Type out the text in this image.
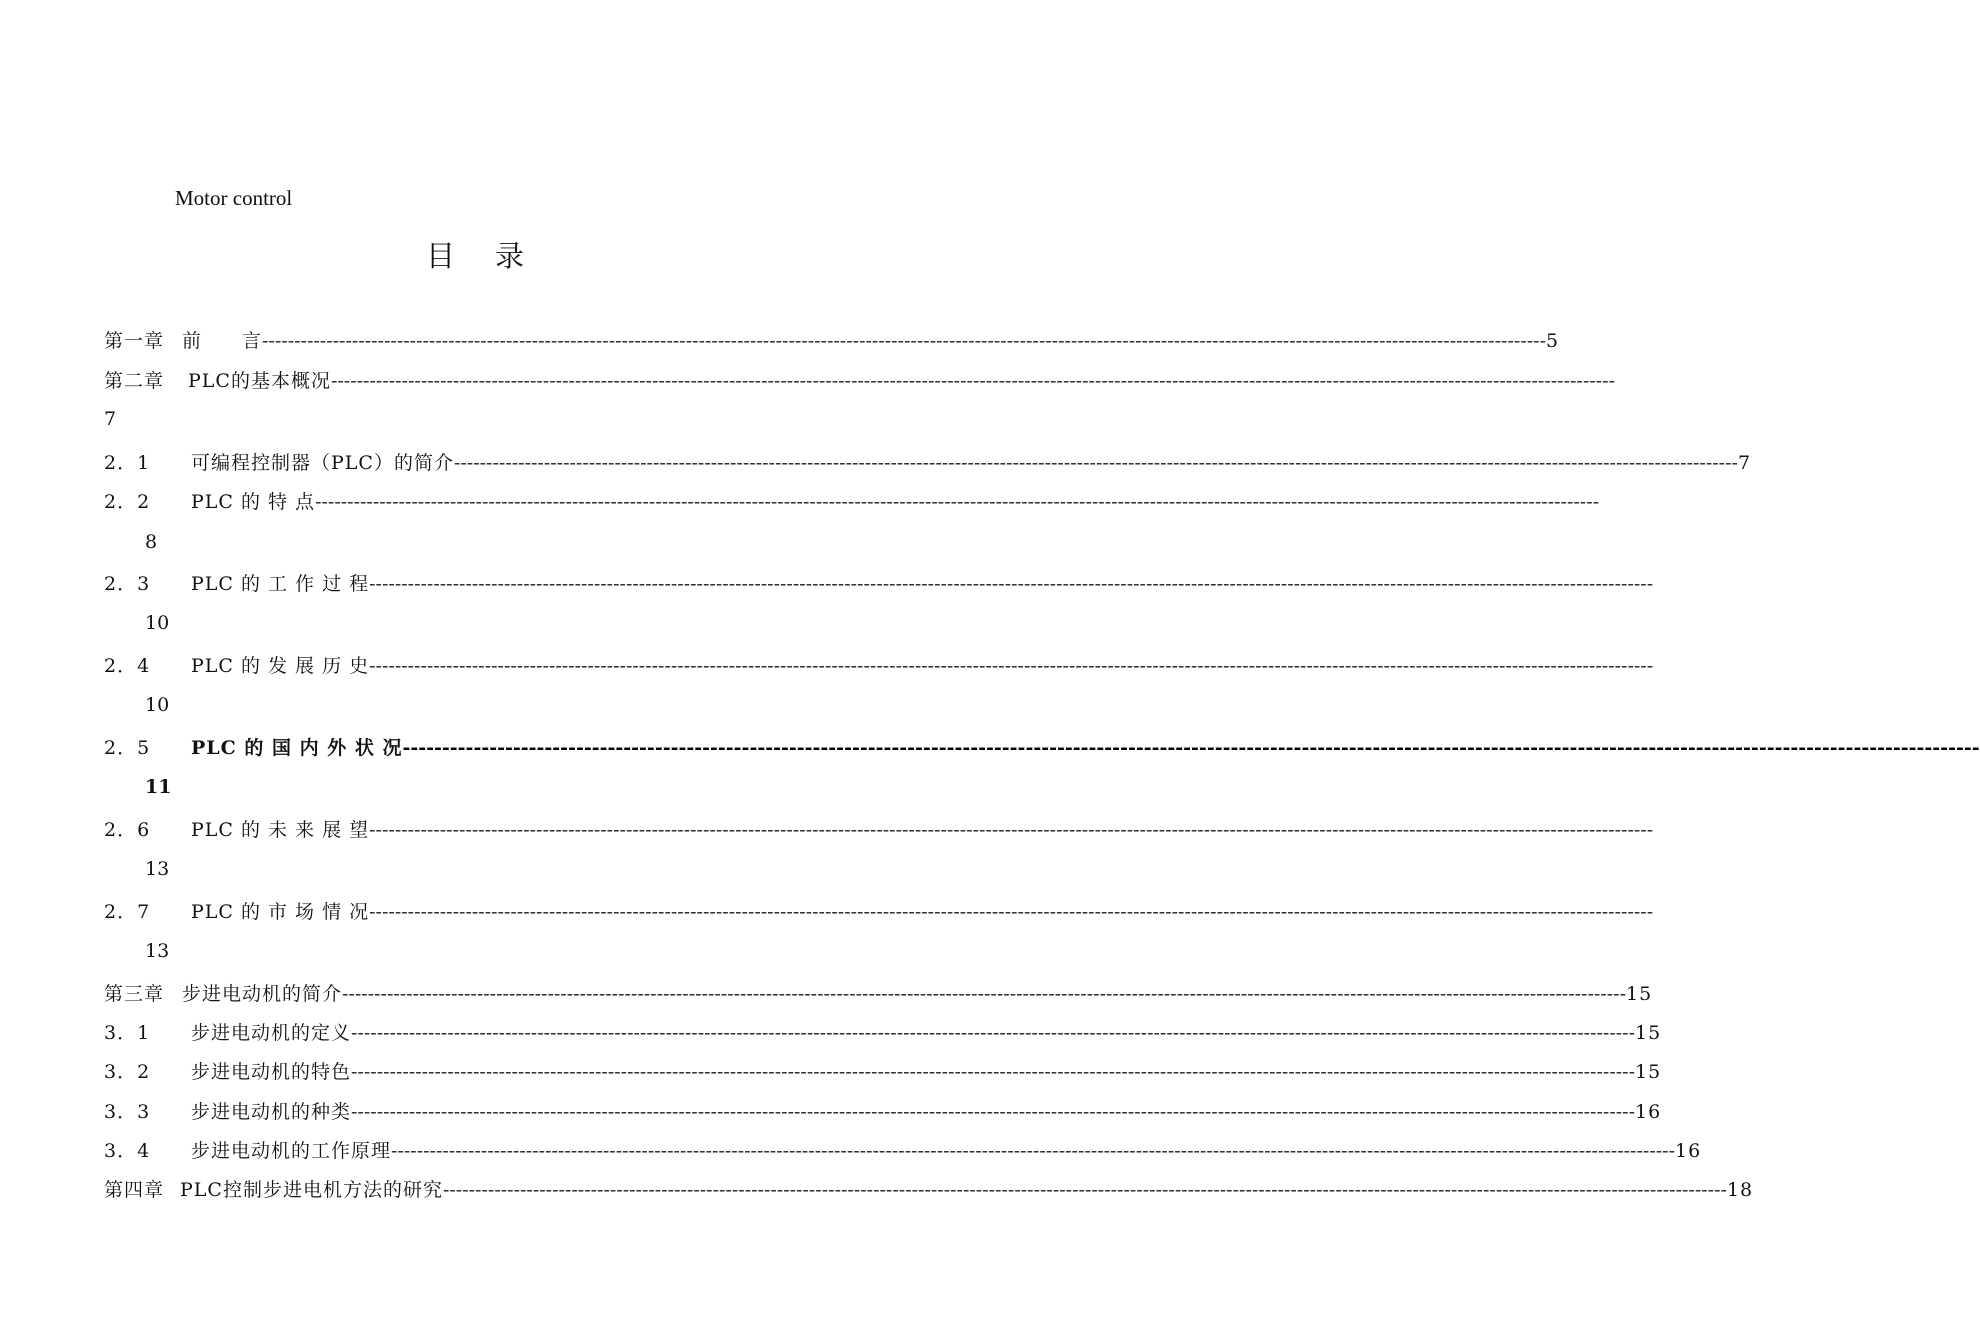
Motor control
目录
第一章 前　　言 -------------------------------------------------------------------------------------------------------------------------------------------------------------------------------------------------------- 5
第二章	PLC的基本概况 --------------------------------------------------------------------------------------------------------------------------------------------------------------------------------------------------------
7
2．1	可编程控制器（PLC）的简介 -------------------------------------------------------------------------------------------------------------------------------------------------------------------------------------------------------- 7
2．2	PLC 的 特 点 --------------------------------------------------------------------------------------------------------------------------------------------------------------------------------------------------------
8
2．3	PLC 的 工 作 过 程 --------------------------------------------------------------------------------------------------------------------------------------------------------------------------------------------------------
10
2．4	PLC 的 发 展 历 史 --------------------------------------------------------------------------------------------------------------------------------------------------------------------------------------------------------
10
2．5	PLC 的 国 内 外 状 况 --------------------------------------------------------------------------------------------------------------------------------------------------------------------------------------------------------
11
2．6	PLC 的 未 来 展 望 --------------------------------------------------------------------------------------------------------------------------------------------------------------------------------------------------------
13
2．7	PLC 的 市 场 情 况 --------------------------------------------------------------------------------------------------------------------------------------------------------------------------------------------------------
13
第三章 步进电动机的简介 -------------------------------------------------------------------------------------------------------------------------------------------------------------------------------------------------------- 15
3．1	步进电动机的定义 -------------------------------------------------------------------------------------------------------------------------------------------------------------------------------------------------------- 15
3．2	步进电动机的特色 -------------------------------------------------------------------------------------------------------------------------------------------------------------------------------------------------------- 15
3．3	步进电动机的种类 -------------------------------------------------------------------------------------------------------------------------------------------------------------------------------------------------------- 16
3．4	步进电动机的工作原理 -------------------------------------------------------------------------------------------------------------------------------------------------------------------------------------------------------- 16
第四章 PLC控制步进电机方法的研究 -------------------------------------------------------------------------------------------------------------------------------------------------------------------------------------------------------- 18
